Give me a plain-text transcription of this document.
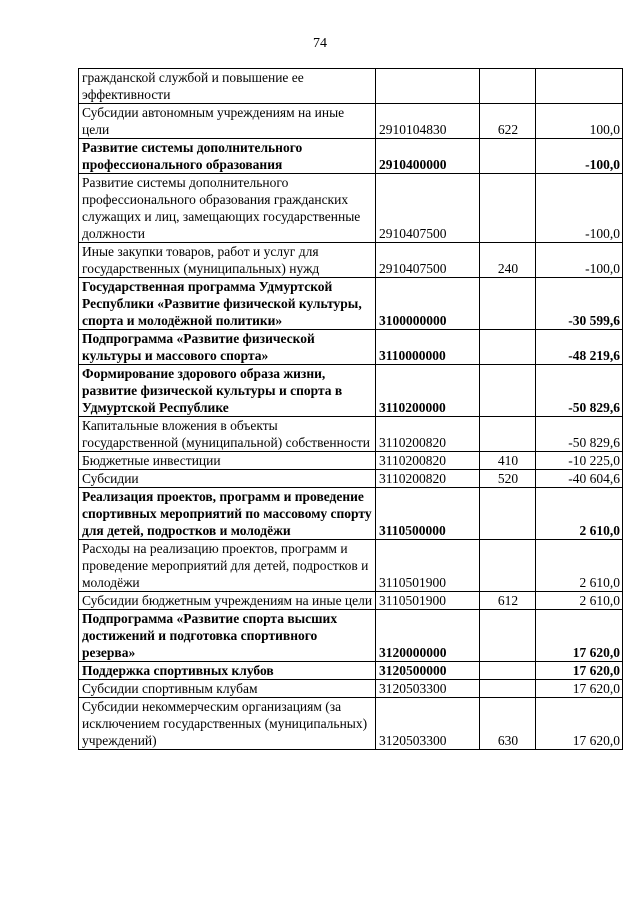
74
гражданской службой и повышение ее эффективности			
Субсидии автономным учреждениям на иные цели	2910104830	622	100,0
Развитие системы дополнительного профессионального образования	2910400000		-100,0
Развитие системы дополнительного профессионального образования гражданских служащих и лиц, замещающих государственные должности	2910407500		-100,0
Иные закупки товаров, работ и услуг для государственных (муниципальных) нужд	2910407500	240	-100,0
Государственная программа Удмуртской Республики «Развитие физической культуры, спорта и молодёжной политики»	3100000000		-30 599,6
Подпрограмма «Развитие физической культуры и массового спорта»	3110000000		-48 219,6
Формирование здорового образа жизни, развитие физической культуры и спорта в Удмуртской Республике	3110200000		-50 829,6
Капитальные вложения в объекты государственной (муниципальной) собственности	3110200820		-50 829,6
Бюджетные инвестиции	3110200820	410	-10 225,0
Субсидии	3110200820	520	-40 604,6
Реализация проектов, программ и проведение спортивных мероприятий по массовому спорту для детей, подростков и молодёжи	3110500000		2 610,0
Расходы на реализацию проектов, программ и проведение мероприятий для детей, подростков и молодёжи	3110501900		2 610,0
Субсидии бюджетным учреждениям на иные цели	3110501900	612	2 610,0
Подпрограмма «Развитие спорта высших достижений и подготовка спортивного резерва»	3120000000		17 620,0
Поддержка спортивных клубов	3120500000		17 620,0
Субсидии спортивным клубам	3120503300		17 620,0
Субсидии некоммерческим организациям (за исключением государственных (муниципальных) учреждений)	3120503300	630	17 620,0
